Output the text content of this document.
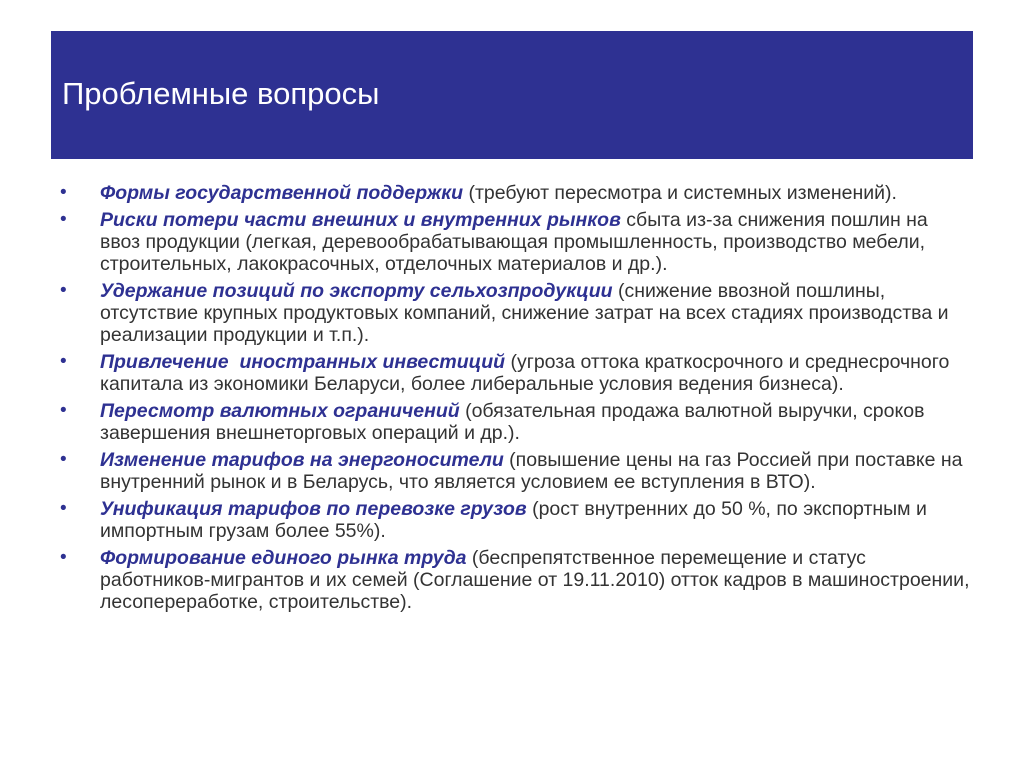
Проблемные вопросы
•	Формы государственной поддержки (требуют пересмотра и системных изменений).
•	Риски потери части внешних и внутренних рынков сбыта из-за снижения пошлин на ввоз продукции (легкая, деревообрабатывающая промышленность, производство мебели, строительных, лакокрасочных, отделочных материалов и др.).
•	Удержание позиций по экспорту сельхозпродукции (снижение ввозной пошлины, отсутствие крупных продуктовых компаний, снижение затрат на всех стадиях производства и реализации продукции и т.п.).
•	Привлечение  иностранных инвестиций (угроза оттока краткосрочного и среднесрочного капитала из экономики Беларуси, более либеральные условия ведения бизнеса).
•	Пересмотр валютных ограничений (обязательная продажа валютной выручки, сроков завершения внешнеторговых операций и др.).
•	Изменение тарифов на энергоносители (повышение цены на газ Россией при поставке на внутренний рынок и в Беларусь, что является условием ее вступления в ВТО).
•	Унификация тарифов по перевозке грузов (рост внутренних до 50 %, по экспортным и импортным грузам более 55%).
•	Формирование единого рынка труда (беспрепятственное перемещение и статус работников-мигрантов и их семей (Соглашение от 19.11.2010) отток кадров в машиностроении, лесопереработке, строительстве).
